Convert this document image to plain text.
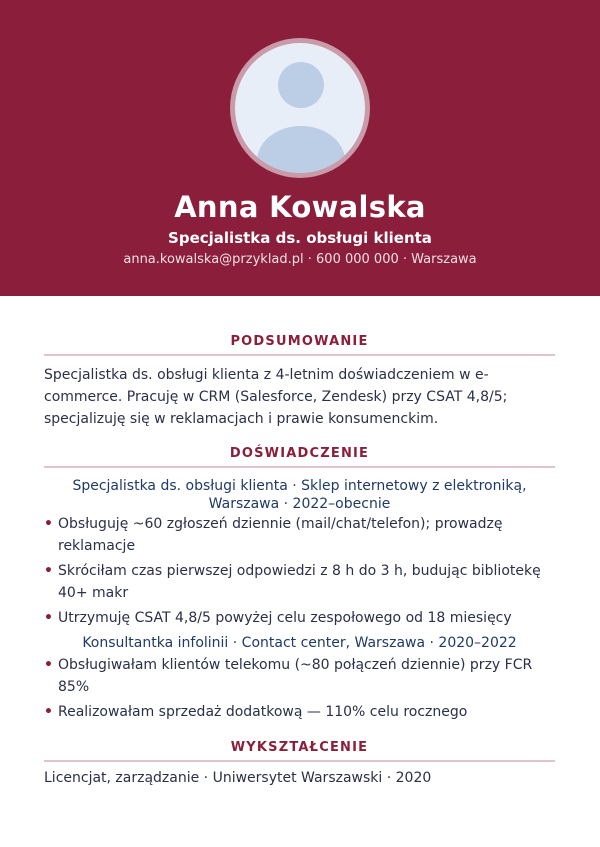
Anna Kowalska
Specjalistka ds. obsługi klienta
anna.kowalska@przyklad.pl · 600 000 000 · Warszawa
PODSUMOWANIE
Specjalistka ds. obsługi klienta z 4-letnim doświadczeniem w e-
commerce. Pracuję w CRM (Salesforce, Zendesk) przy CSAT 4,8/5;
specjalizuję się w reklamacjach i prawie konsumenckim.
DOŚWIADCZENIE
Specjalistka ds. obsługi klienta · Sklep internetowy z elektroniką,
Warszawa · 2022–obecnie
• Obsługuję ~60 zgłoszeń dziennie (mail/chat/telefon); prowadzę
reklamacje
• Skróciłam czas pierwszej odpowiedzi z 8 h do 3 h, budując bibliotekę
40+ makr
• Utrzymuję CSAT 4,8/5 powyżej celu zespołowego od 18 miesięcy
Konsultantka infolinii · Contact center, Warszawa · 2020–2022
• Obsługiwałam klientów telekomu (~80 połączeń dziennie) przy FCR
85%
• Realizowałam sprzedaż dodatkową — 110% celu rocznego
WYKSZTAŁCENIE
Licencjat, zarządzanie · Uniwersytet Warszawski · 2020
